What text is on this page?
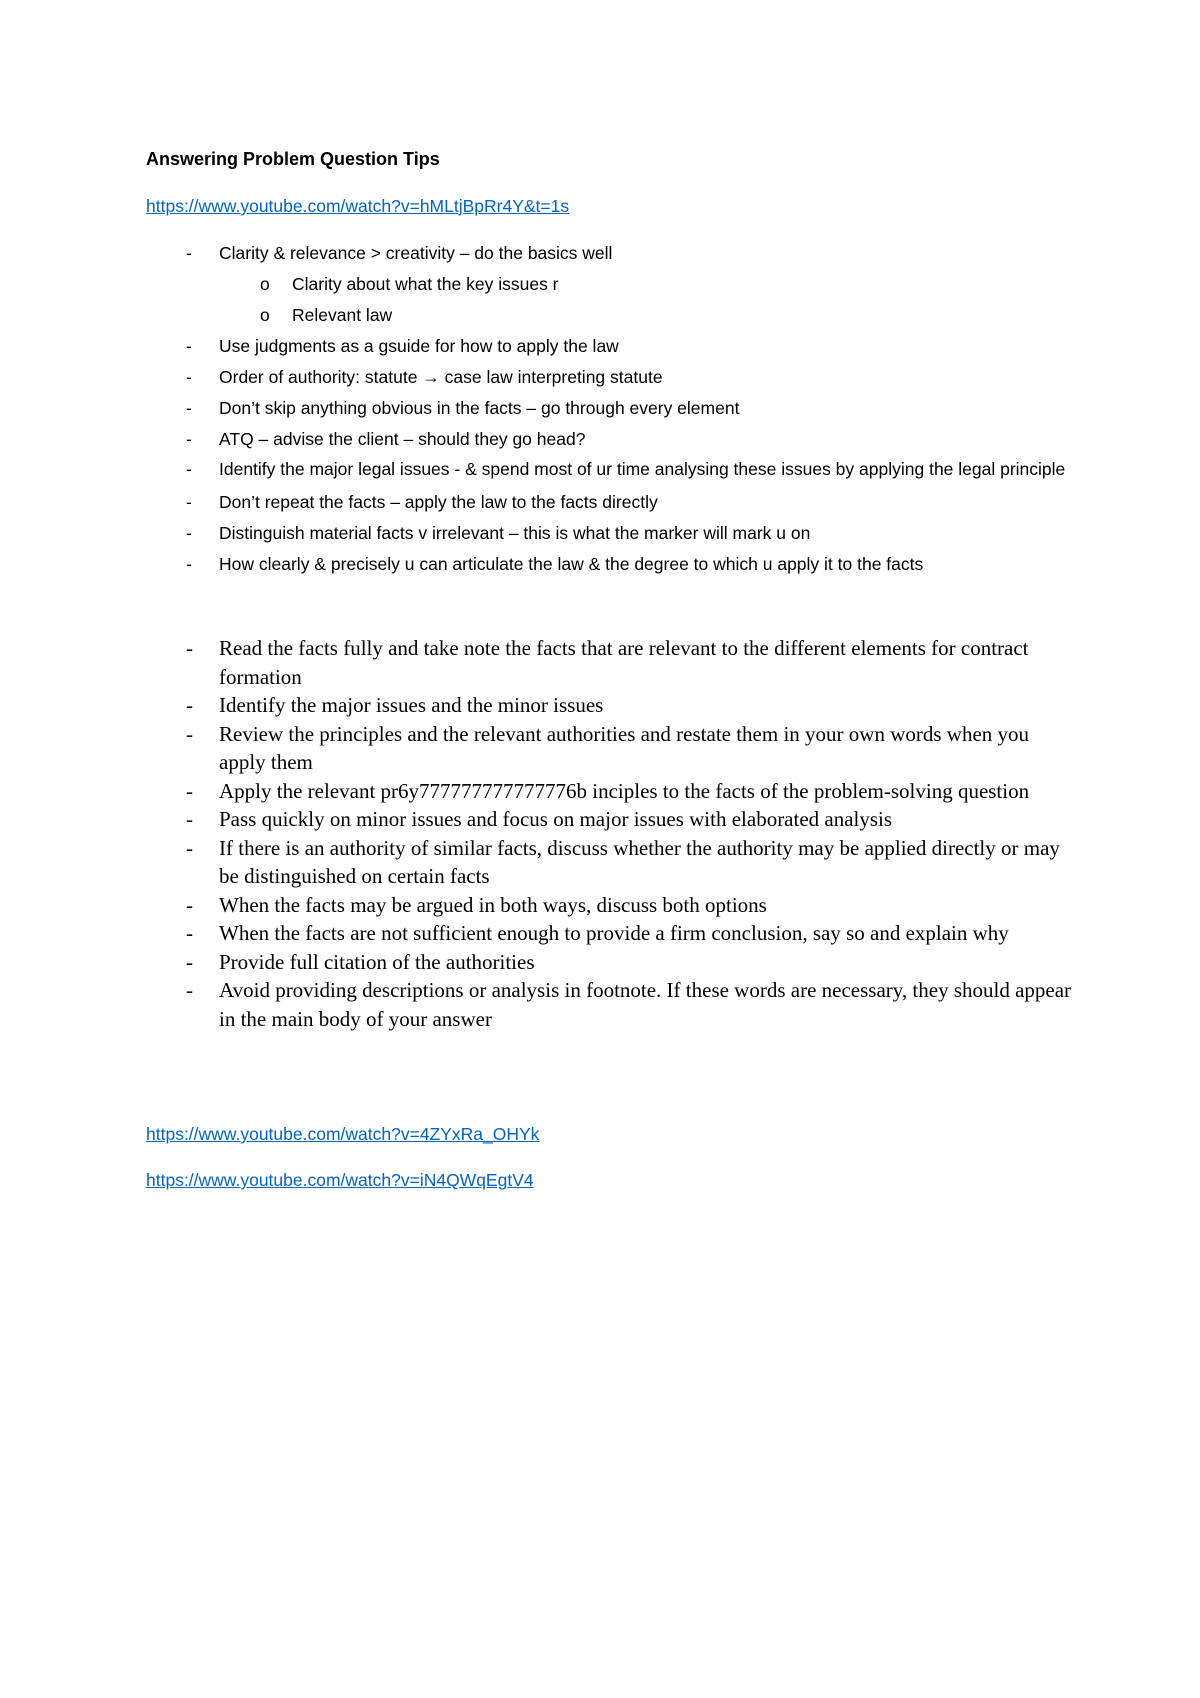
Answering Problem Question Tips
https://www.youtube.com/watch?v=hMLtjBpRr4Y&t=1s
- Clarity & relevance > creativity – do the basics well
o Clarity about what the key issues r
o Relevant law
- Use judgments as a gsuide for how to apply the law
- Order of authority: statute → case law interpreting statute
- Don’t skip anything obvious in the facts – go through every element
- ATQ – advise the client – should they go head?
- Identify the major legal issues - & spend most of ur time analysing these issues by applying the legal principle
- Don’t repeat the facts – apply the law to the facts directly
- Distinguish material facts v irrelevant – this is what the marker will mark u on
- How clearly & precisely u can articulate the law & the degree to which u apply it to the facts
- Read the facts fully and take note the facts that are relevant to the different elements for contract formation
- Identify the major issues and the minor issues
- Review the principles and the relevant authorities and restate them in your own words when you apply them
- Apply the relevant pr6y777777777777776b inciples to the facts of the problem-solving question
- Pass quickly on minor issues and focus on major issues with elaborated analysis
- If there is an authority of similar facts, discuss whether the authority may be applied directly or may be distinguished on certain facts
- When the facts may be argued in both ways, discuss both options
- When the facts are not sufficient enough to provide a firm conclusion, say so and explain why
- Provide full citation of the authorities
- Avoid providing descriptions or analysis in footnote. If these words are necessary, they should appear in the main body of your answer
https://www.youtube.com/watch?v=4ZYxRa_OHYk
https://www.youtube.com/watch?v=iN4QWqEgtV4
